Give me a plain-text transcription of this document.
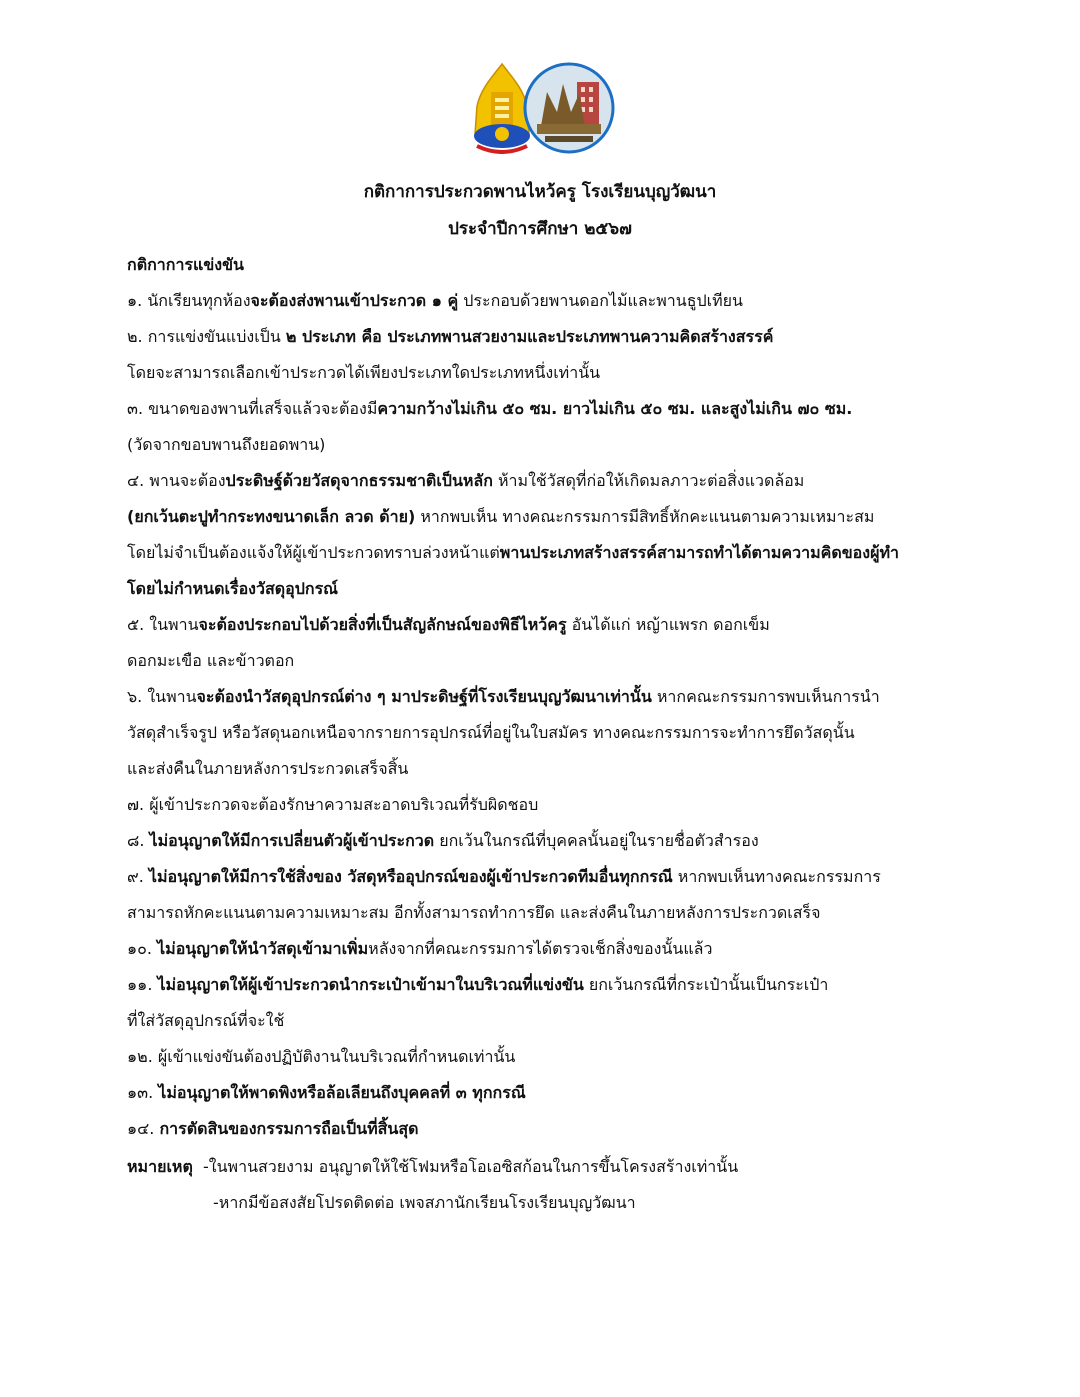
กติกาการประกวดพานไหว้ครู โรงเรียนบุญวัฒนา
ประจำปีการศึกษา ๒๕๖๗
กติกาการแข่งขัน
๑. นักเรียนทุกห้องจะต้องส่งพานเข้าประกวด ๑ คู่ ประกอบด้วยพานดอกไม้และพานธูปเทียน
๒. การแข่งขันแบ่งเป็น ๒ ประเภท คือ ประเภทพานสวยงามและประเภทพานความคิดสร้างสรรค์
โดยจะสามารถเลือกเข้าประกวดได้เพียงประเภทใดประเภทหนึ่งเท่านั้น
๓. ขนาดของพานที่เสร็จแล้วจะต้องมีความกว้างไม่เกิน ๕๐ ซม. ยาวไม่เกิน ๕๐ ซม. และสูงไม่เกิน ๗๐ ซม.
(วัดจากขอบพานถึงยอดพาน)
๔. พานจะต้องประดิษฐ์ด้วยวัสดุจากธรรมชาติเป็นหลัก ห้ามใช้วัสดุที่ก่อให้เกิดมลภาวะต่อสิ่งแวดล้อม
(ยกเว้นตะปูทำกระทงขนาดเล็ก ลวด ด้าย) หากพบเห็น ทางคณะกรรมการมีสิทธิ์หักคะแนนตามความเหมาะสม
โดยไม่จำเป็นต้องแจ้งให้ผู้เข้าประกวดทราบล่วงหน้าแต่พานประเภทสร้างสรรค์สามารถทำได้ตามความคิดของผู้ทำ
โดยไม่กำหนดเรื่องวัสดุอุปกรณ์
๕. ในพานจะต้องประกอบไปด้วยสิ่งที่เป็นสัญลักษณ์ของพิธีไหว้ครู อันได้แก่ หญ้าแพรก ดอกเข็ม
ดอกมะเขือ และข้าวตอก
๖. ในพานจะต้องนำวัสดุอุปกรณ์ต่าง ๆ มาประดิษฐ์ที่โรงเรียนบุญวัฒนาเท่านั้น หากคณะกรรมการพบเห็นการนำ
วัสดุสำเร็จรูป หรือวัสดุนอกเหนือจากรายการอุปกรณ์ที่อยู่ในใบสมัคร ทางคณะกรรมการจะทำการยึดวัสดุนั้น
และส่งคืนในภายหลังการประกวดเสร็จสิ้น
๗. ผู้เข้าประกวดจะต้องรักษาความสะอาดบริเวณที่รับผิดชอบ
๘. ไม่อนุญาตให้มีการเปลี่ยนตัวผู้เข้าประกวด ยกเว้นในกรณีที่บุคคลนั้นอยู่ในรายชื่อตัวสำรอง
๙. ไม่อนุญาตให้มีการใช้สิ่งของ วัสดุหรืออุปกรณ์ของผู้เข้าประกวดทีมอื่นทุกกรณี หากพบเห็นทางคณะกรรมการ
สามารถหักคะแนนตามความเหมาะสม อีกทั้งสามารถทำการยึด และส่งคืนในภายหลังการประกวดเสร็จ
๑๐. ไม่อนุญาตให้นำวัสดุเข้ามาเพิ่มหลังจากที่คณะกรรมการได้ตรวจเช็กสิ่งของนั้นแล้ว
๑๑. ไม่อนุญาตให้ผู้เข้าประกวดนำกระเป๋าเข้ามาในบริเวณที่แข่งขัน ยกเว้นกรณีที่กระเป๋านั้นเป็นกระเป๋า
ที่ใส่วัสดุอุปกรณ์ที่จะใช้
๑๒. ผู้เข้าแข่งขันต้องปฏิบัติงานในบริเวณที่กำหนดเท่านั้น
๑๓. ไม่อนุญาตให้พาดพิงหรือล้อเลียนถึงบุคคลที่ ๓ ทุกกรณี
๑๔. การตัดสินของกรรมการถือเป็นที่สิ้นสุด
หมายเหตุ -ในพานสวยงาม อนุญาตให้ใช้โฟมหรือโอเอซิสก้อนในการขึ้นโครงสร้างเท่านั้น
-หากมีข้อสงสัยโปรดติดต่อ เพจสภานักเรียนโรงเรียนบุญวัฒนา
